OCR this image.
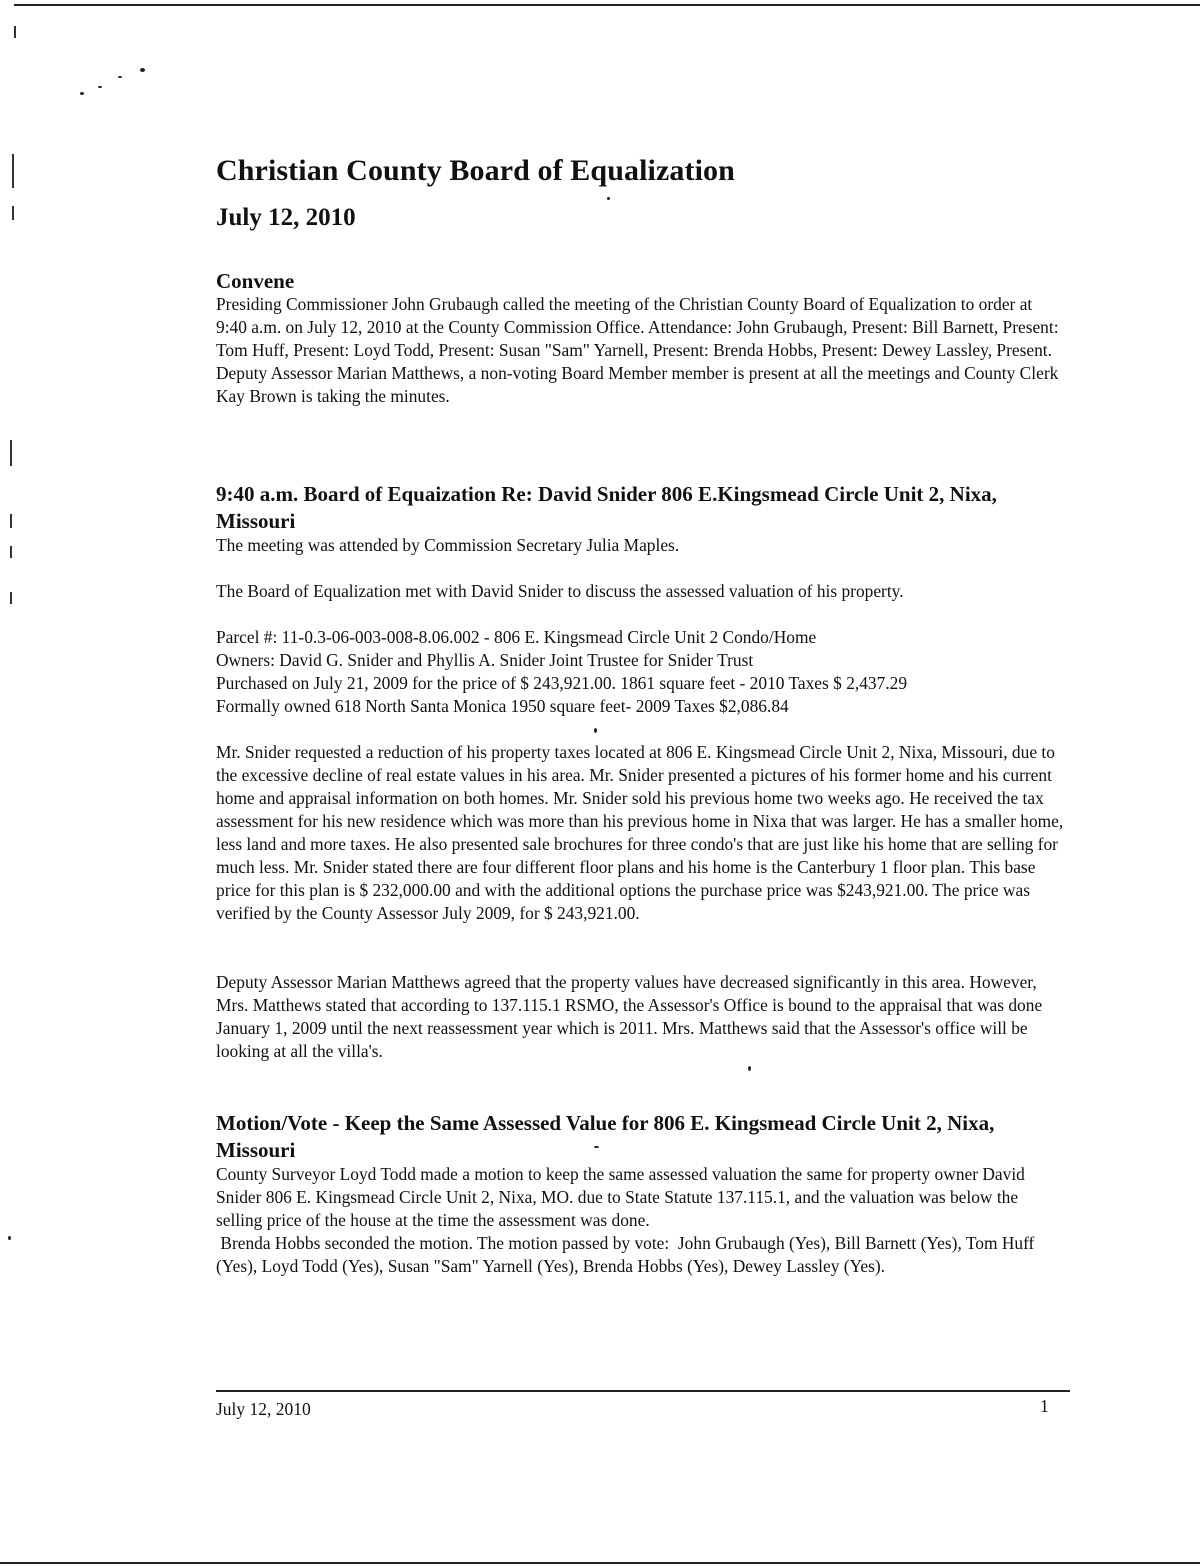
Christian County Board of Equalization
July 12, 2010
Convene

Presiding Commissioner John Grubaugh called the meeting of the Christian County Board of Equalization to order at 9:40 a.m. on July 12, 2010 at the County Commission Office. Attendance: John Grubaugh, Present: Bill Barnett, Present: Tom Huff, Present: Loyd Todd, Present: Susan "Sam" Yarnell, Present: Brenda Hobbs, Present: Dewey Lassley, Present. Deputy Assessor Marian Matthews, a non-voting Board Member member is present at all the meetings and County Clerk Kay Brown is taking the minutes.

9:40 a.m. Board of Equaization Re: David Snider 806 E.Kingsmead Circle Unit 2, Nixa, Missouri

The meeting was attended by Commission Secretary Julia Maples.

The Board of Equalization met with David Snider to discuss the assessed valuation of his property.

Parcel #: 11-0.3-06-003-008-8.06.002 - 806 E. Kingsmead Circle Unit 2 Condo/Home

Owners: David G. Snider and Phyllis A. Snider Joint Trustee for Snider Trust

Purchased on July 21, 2009 for the price of $ 243,921.00. 1861 square feet - 2010 Taxes $ 2,437.29

Formally owned 618 North Santa Monica 1950 square feet- 2009 Taxes $2,086.84

Mr. Snider requested a reduction of his property taxes located at 806 E. Kingsmead Circle Unit 2, Nixa, Missouri, due to the excessive decline of real estate values in his area. Mr. Snider presented a pictures of his former home and his current home and appraisal information on both homes. Mr. Snider sold his previous home two weeks ago. He received the tax assessment for his new residence which was more than his previous home in Nixa that was larger. He has a smaller home, less land and more taxes. He also presented sale brochures for three condo's that are just like his home that are selling for much less. Mr. Snider stated there are four different floor plans and his home is the Canterbury 1 floor plan. This base price for this plan is $ 232,000.00 and with the additional options the purchase price was $243,921.00. The price was verified by the County Assessor July 2009, for $ 243,921.00.

Deputy Assessor Marian Matthews agreed that the property values have decreased significantly in this area. However, Mrs. Matthews stated that according to 137.115.1 RSMO, the Assessor's Office is bound to the appraisal that was done January 1, 2009 until the next reassessment year which is 2011. Mrs. Matthews said that the Assessor's office will be looking at all the villa's.

Motion/Vote - Keep the Same Assessed Value for 806 E. Kingsmead Circle Unit 2, Nixa, Missouri

County Surveyor Loyd Todd made a motion to keep the same assessed valuation the same for property owner David Snider 806 E. Kingsmead Circle Unit 2, Nixa, MO. due to State Statute 137.115.1, and the valuation was below the selling price of the house at the time the assessment was done.

Brenda Hobbs seconded the motion. The motion passed by vote:  John Grubaugh (Yes), Bill Barnett (Yes), Tom Huff (Yes), Loyd Todd (Yes), Susan "Sam" Yarnell (Yes), Brenda Hobbs (Yes), Dewey Lassley (Yes).

July 12, 2010	1
